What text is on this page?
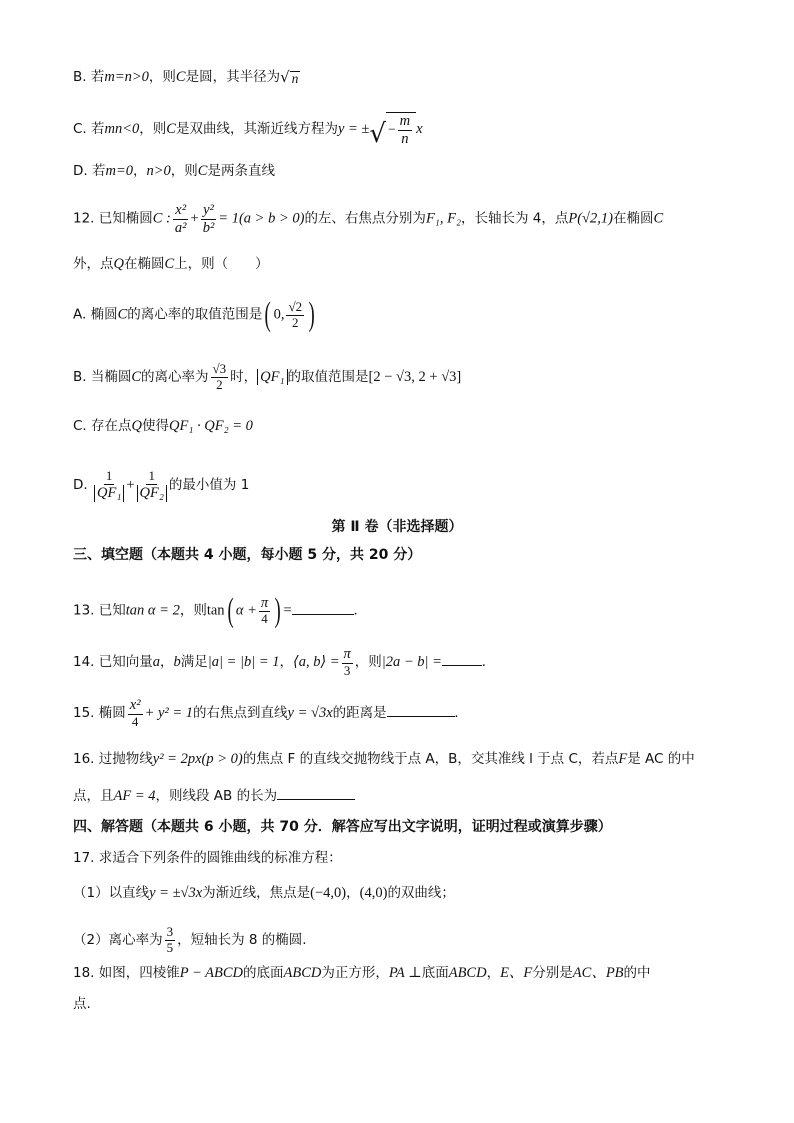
B. 若m=n>0，则C是圆，其半径为 √ n
C. 若mn<0，则C是双曲线，其渐近线方程为y = ± √ − $\frac{m}{n}$ x
D. 若m=0，n>0，则C是两条直线
12. 已知椭圆C : $\frac{\text{x²}}{\text{a²}} + \frac{\text{y²}}{\text{b²}} = 1(a > b > 0)$的左、右焦点分别为F₁, F₂，长轴长为 4，点P(√2,1)在椭圆C
外，点Q在椭圆C上，则（　　）
A. 椭圆C的离心率的取值范围是( 0, $\frac{√2}{2}$ )
B. 当椭圆C的离心率为 $\frac{√3}{2}$ 时， QF₁ 的取值范围是[2 − √3, 2 + √3]
C. 存在点Q使得QF₁ · QF₂ = 0
D. $\frac{1}{\text{QF₁}} + \frac{1}{\text{QF₂}}$ 的最小值为 1
第 Ⅱ 卷（非选择题）
三、填空题（本题共 4 小题，每小题 5 分，共 20 分）
13. 已知tan α = 2，则tan( $\alpha + \frac{\pi}{4}$ ) =	.
14. 已知向量a，b满足|a| = |b| = 1，⟨a, b⟩ = $\frac{\pi}{3}$ ，则|2a − b| =	.
15. 椭圆 $\frac{\text{x²}}{4} + y^2 = 1$的右焦点到直线y = √3x的距离是	.
16. 过抛物线y² = 2px(p > 0)的焦点 F 的直线交抛物线于点 A，B，交其准线 l 于点 C，若点F是 AC 的中
点，且AF = 4，则线段 AB 的长为
四、解答题（本题共 6 小题，共 70 分．解答应写出文字说明，证明过程或演算步骤）
17. 求适合下列条件的圆锥曲线的标准方程：
（1）以直线y = ±√3x为渐近线，焦点是(−4,0)，(4,0)的双曲线；
（2）离心率为 $\frac{3}{5}$ ，短轴长为 8 的椭圆.
18. 如图，四棱锥P − ABCD的底面ABCD为正方形，PA ⊥底面ABCD，E、F分别是AC、PB的中
点.
